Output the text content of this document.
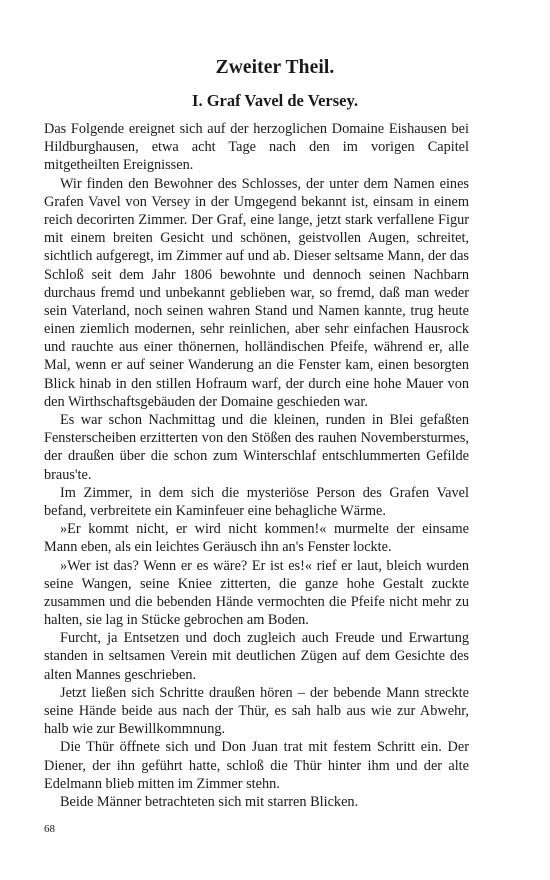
Zweiter Theil.
I. Graf Vavel de Versey.

Das Folgende ereignet sich auf der herzoglichen Domaine Eishausen bei Hildburghausen, etwa acht Tage nach den im vorigen Capitel mitgetheilten Ereignissen.

Wir finden den Bewohner des Schlosses, der unter dem Namen eines Grafen Vavel von Versey in der Umgegend bekannt ist, einsam in einem reich decorirten Zimmer. Der Graf, eine lange, jetzt stark verfallene Figur mit einem breiten Gesicht und schönen, geistvollen Augen, schreitet, sichtlich aufgeregt, im Zimmer auf und ab. Dieser seltsame Mann, der das Schloß seit dem Jahr 1806 bewohnte und dennoch seinen Nachbarn durchaus fremd und unbekannt geblieben war, so fremd, daß man weder sein Vaterland, noch seinen wahren Stand und Namen kannte, trug heute einen ziemlich modernen, sehr reinlichen, aber sehr einfachen Hausrock und rauchte aus einer thönernen, holländischen Pfeife, während er, alle Mal, wenn er auf seiner Wanderung an die Fenster kam, einen besorgten Blick hinab in den stillen Hofraum warf, der durch eine hohe Mauer von den Wirthschaftsgebäuden der Domaine geschieden war.

Es war schon Nachmittag und die kleinen, runden in Blei gefaßten Fensterscheiben erzitterten von den Stößen des rauhen Novembersturmes, der draußen über die schon zum Winterschlaf entschlummerten Gefilde braus'te.

Im Zimmer, in dem sich die mysteriöse Person des Grafen Vavel befand, verbreitete ein Kaminfeuer eine behagliche Wärme.

»Er kommt nicht, er wird nicht kommen!« murmelte der einsame Mann eben, als ein leichtes Geräusch ihn an's Fenster lockte.

»Wer ist das? Wenn er es wäre? Er ist es!« rief er laut, bleich wurden seine Wangen, seine Kniee zitterten, die ganze hohe Gestalt zuckte zusammen und die bebenden Hände vermochten die Pfeife nicht mehr zu halten, sie lag in Stücke gebrochen am Boden.

Furcht, ja Entsetzen und doch zugleich auch Freude und Erwartung standen in seltsamen Verein mit deutlichen Zügen auf dem Gesichte des alten Mannes geschrieben.

Jetzt ließen sich Schritte draußen hören – der bebende Mann streckte seine Hände beide aus nach der Thür, es sah halb aus wie zur Abwehr, halb wie zur Bewillkommnung.

Die Thür öffnete sich und Don Juan trat mit festem Schritt ein. Der Diener, der ihn geführt hatte, schloß die Thür hinter ihm und der alte Edelmann blieb mitten im Zimmer stehn.

Beide Männer betrachteten sich mit starren Blicken.

68
